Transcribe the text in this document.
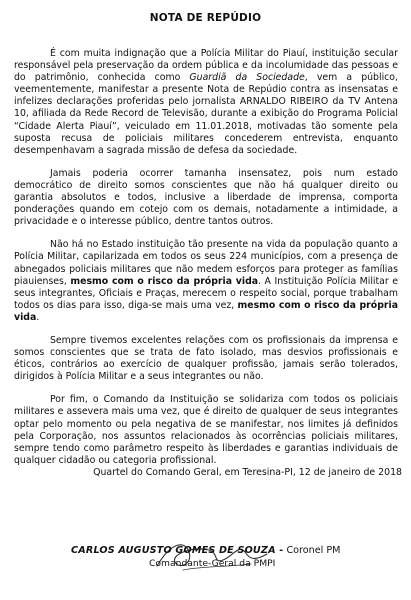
NOTA DE REPÚDIO

É com muita indignação que a Polícia Militar do Piauí, instituição secular responsável pela preservação da ordem pública e da incolumidade das pessoas e do patrimônio, conhecida como Guardiã da Sociedade, vem a público, veementemente, manifestar a presente Nota de Repúdio contra as insensatas e infelizes declarações proferidas pelo jornalista ARNALDO RIBEIRO da TV Antena 10, afiliada da Rede Record de Televisão, durante a exibição do Programa Policial “Cidade Alerta Piauí”, veiculado em 11.01.2018, motivadas tão somente pela suposta recusa de policiais militares concederem entrevista, enquanto desempenhavam a sagrada missão de defesa da sociedade.

Jamais poderia ocorrer tamanha insensatez, pois num estado democrático de direito somos conscientes que não há qualquer direito ou garantia absolutos e todos, inclusive a liberdade de imprensa, comporta ponderações quando em cotejo com os demais, notadamente a intimidade, a privacidade e o interesse público, dentre tantos outros.

Não há no Estado instituição tão presente na vida da população quanto a Polícia Militar, capilarizada em todos os seus 224 municípios, com a presença de abnegados policiais militares que não medem esforços para proteger as famílias piauienses, mesmo com o risco da própria vida. A Instituição Polícia Militar e seus integrantes, Oficiais e Praças, merecem o respeito social, porque trabalham todos os dias para isso, diga-se mais uma vez, mesmo com o risco da própria vida.

Sempre tivemos excelentes relações com os profissionais da imprensa e somos conscientes que se trata de fato isolado, mas desvios profissionais e éticos, contrários ao exercício de qualquer profissão, jamais serão tolerados, dirigidos à Polícia Militar e a seus integrantes ou não.

Por fim, o Comando da Instituição se solidariza com todos os policiais militares e assevera mais uma vez, que é direito de qualquer de seus integrantes optar pelo momento ou pela negativa de se manifestar, nos limites já definidos pela Corporação, nos assuntos relacionados às ocorrências policiais militares, sempre tendo como parâmetro respeito às liberdades e garantias individuais de qualquer cidadão ou categoria profissional.

Quartel do Comando Geral, em Teresina-PI, 12 de janeiro de 2018
CARLOS AUGUSTO GOMES DE SOUZA - Coronel PM
Comandante-Geral da PMPI
